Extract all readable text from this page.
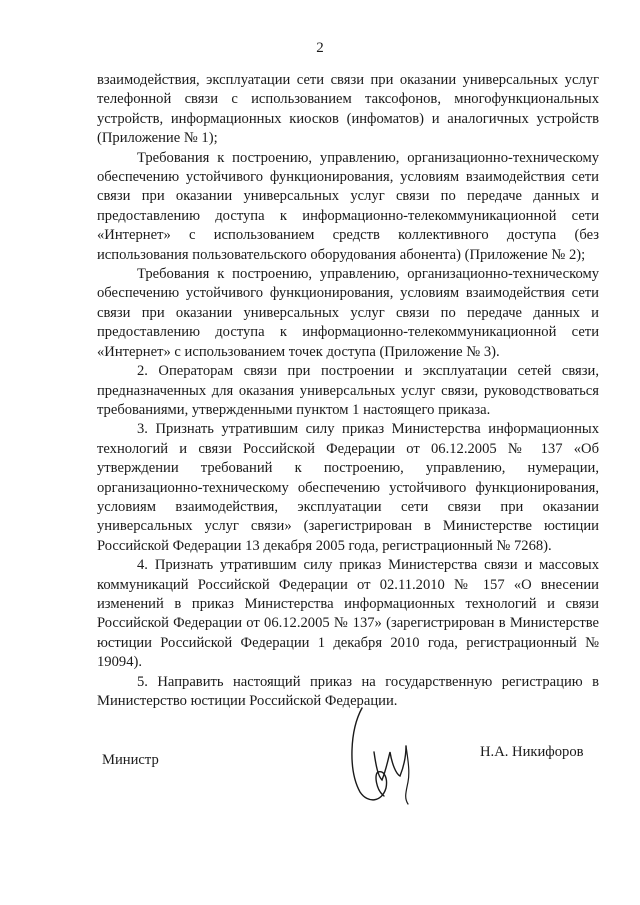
2

взаимодействия, эксплуатации сети связи при оказании универсальных услуг телефонной связи с использованием таксофонов, многофункциональных устройств, информационных киосков (инфоматов) и аналогичных устройств (Приложение № 1);

Требования к построению, управлению, организационно-техническому обеспечению устойчивого функционирования, условиям взаимодействия сети связи при оказании универсальных услуг связи по передаче данных и предоставлению доступа к информационно-телекоммуникационной сети «Интернет» с использованием средств коллективного доступа (без использования пользовательского оборудования абонента) (Приложение № 2);

Требования к построению, управлению, организационно-техническому обеспечению устойчивого функционирования, условиям взаимодействия сети связи при оказании универсальных услуг связи по передаче данных и предоставлению доступа к информационно-телекоммуникационной сети «Интернет» с использованием точек доступа (Приложение № 3).

2. Операторам связи при построении и эксплуатации сетей связи, предназначенных для оказания универсальных услуг связи, руководствоваться требованиями, утвержденными пунктом 1 настоящего приказа.

3. Признать утратившим силу приказ Министерства информационных технологий и связи Российской Федерации от 06.12.2005 № 137 «Об утверждении требований к построению, управлению, нумерации, организационно-техническому обеспечению устойчивого функционирования, условиям взаимодействия, эксплуатации сети связи при оказании универсальных услуг связи» (зарегистрирован в Министерстве юстиции Российской Федерации 13 декабря 2005 года, регистрационный № 7268).

4. Признать утратившим силу приказ Министерства связи и массовых коммуникаций Российской Федерации от 02.11.2010 № 157 «О внесении изменений в приказ Министерства информационных технологий и связи Российской Федерации от 06.12.2005 № 137» (зарегистрирован в Министерстве юстиции Российской Федерации 1 декабря 2010 года, регистрационный № 19094).

5. Направить настоящий приказ на государственную регистрацию в Министерство юстиции Российской Федерации.

Министр	Н.А. Никифоров
